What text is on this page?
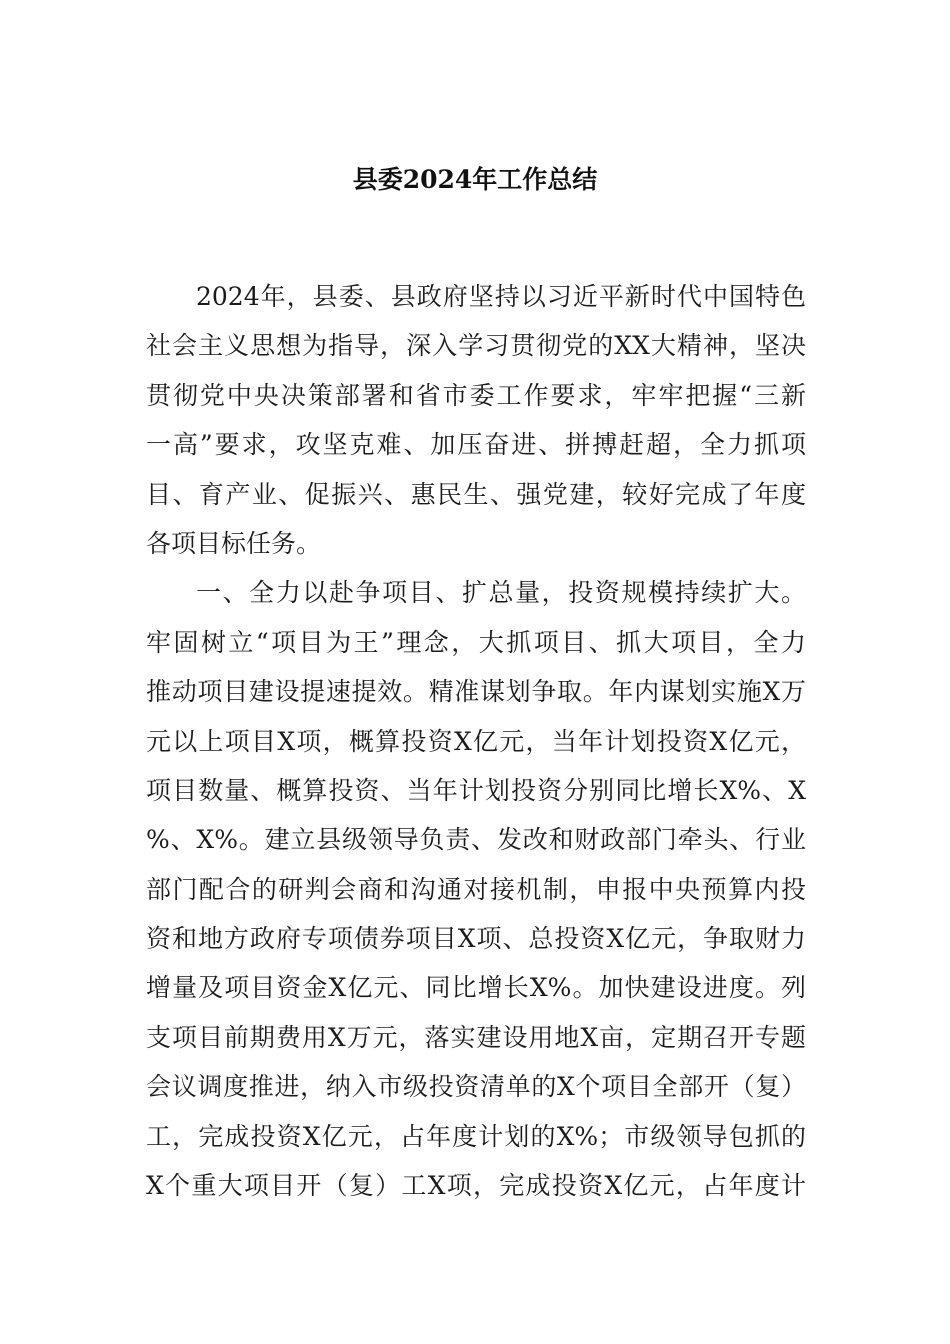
县委2024年工作总结
2024年，县委、县政府坚持以习近平新时代中国特色
社会主义思想为指导，深入学习贯彻党的XX大精神，坚决
贯彻党中央决策部署和省市委工作要求，牢牢把握“三新
一高”要求，攻坚克难、加压奋进、拼搏赶超，全力抓项
目、育产业、促振兴、惠民生、强党建，较好完成了年度
各项目标任务。
一、全力以赴争项目、扩总量，投资规模持续扩大。
牢固树立“项目为王”理念，大抓项目、抓大项目，全力
推动项目建设提速提效。精准谋划争取。年内谋划实施X万
元以上项目X项，概算投资X亿元，当年计划投资X亿元，
项目数量、概算投资、当年计划投资分别同比增长X%、X
%、X%。建立县级领导负责、发改和财政部门牵头、行业
部门配合的研判会商和沟通对接机制，申报中央预算内投
资和地方政府专项债券项目X项、总投资X亿元，争取财力
增量及项目资金X亿元、同比增长X%。加快建设进度。列
支项目前期费用X万元，落实建设用地X亩，定期召开专题
会议调度推进，纳入市级投资清单的X个项目全部开（复）
工，完成投资X亿元，占年度计划的X%；市级领导包抓的
X个重大项目开（复）工X项，完成投资X亿元，占年度计
